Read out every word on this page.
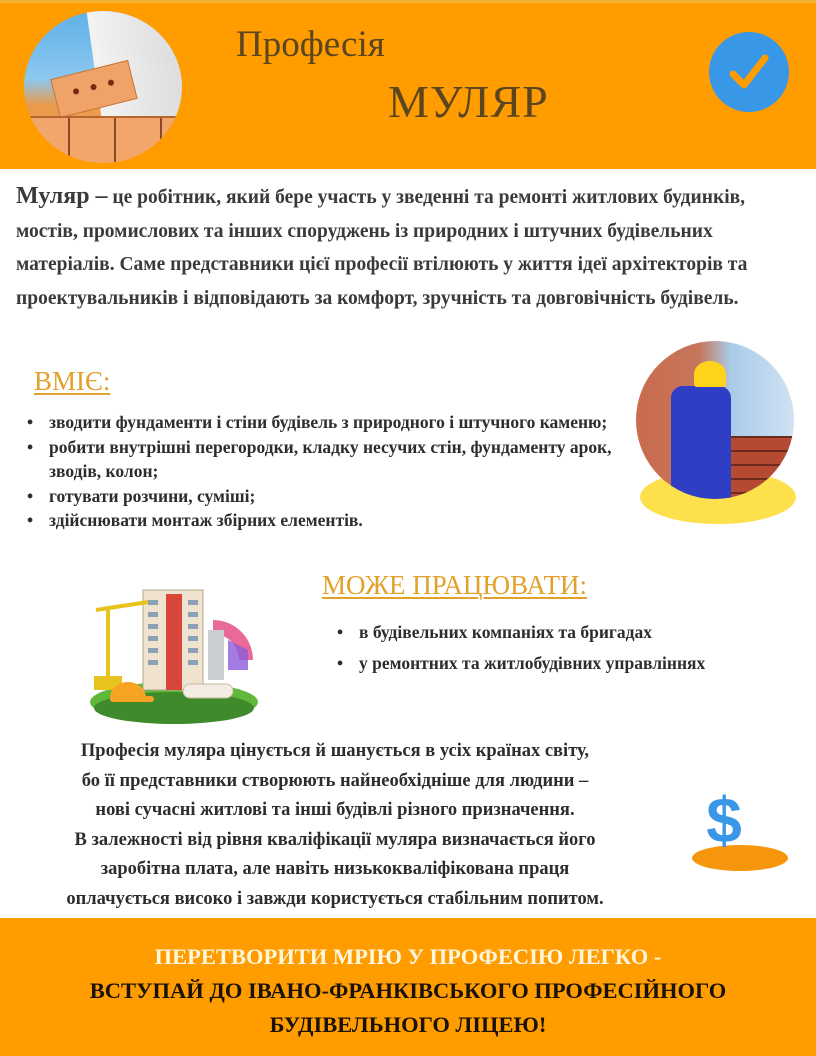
Професія
МУЛЯР
Муляр – це робітник, який бере участь у зведенні та ремонті житлових будинків, мостів, промислових та інших споруджень із природних і штучних будівельних матеріалів. Саме представники цієї професії втілюють у життя ідеї архітекторів та проектувальників і відповідають за комфорт, зручність та довговічність будівель.
ВМІЄ:
• зводити фундаменти і стіни будівель з природного і штучного каменю;
• робити внутрішні перегородки, кладку несучих стін, фундаменту арок, зводів, колон;
• готувати розчини, суміші;
• здійснювати монтаж збірних елементів.
МОЖЕ ПРАЦЮВАТИ:
• в будівельних компаніях та бригадах
• у ремонтних та житлобудівних управліннях
Професія муляра цінується й шанується в усіх країнах світу,
бо її представники створюють найнеобхідніше для людини –
нові сучасні житлові та інші будівлі різного призначення.
В залежності від рівня кваліфікації муляра визначається його
заробітна плата, але навіть низькокваліфікована праця
оплачується високо і завжди користується стабільним попитом.
$
ПЕРЕТВОРИТИ МРІЮ У ПРОФЕСІЮ ЛЕГКО -
ВСТУПАЙ ДО ІВАНО-ФРАНКІВСЬКОГО ПРОФЕСІЙНОГО
БУДІВЕЛЬНОГО ЛІЦЕЮ!
